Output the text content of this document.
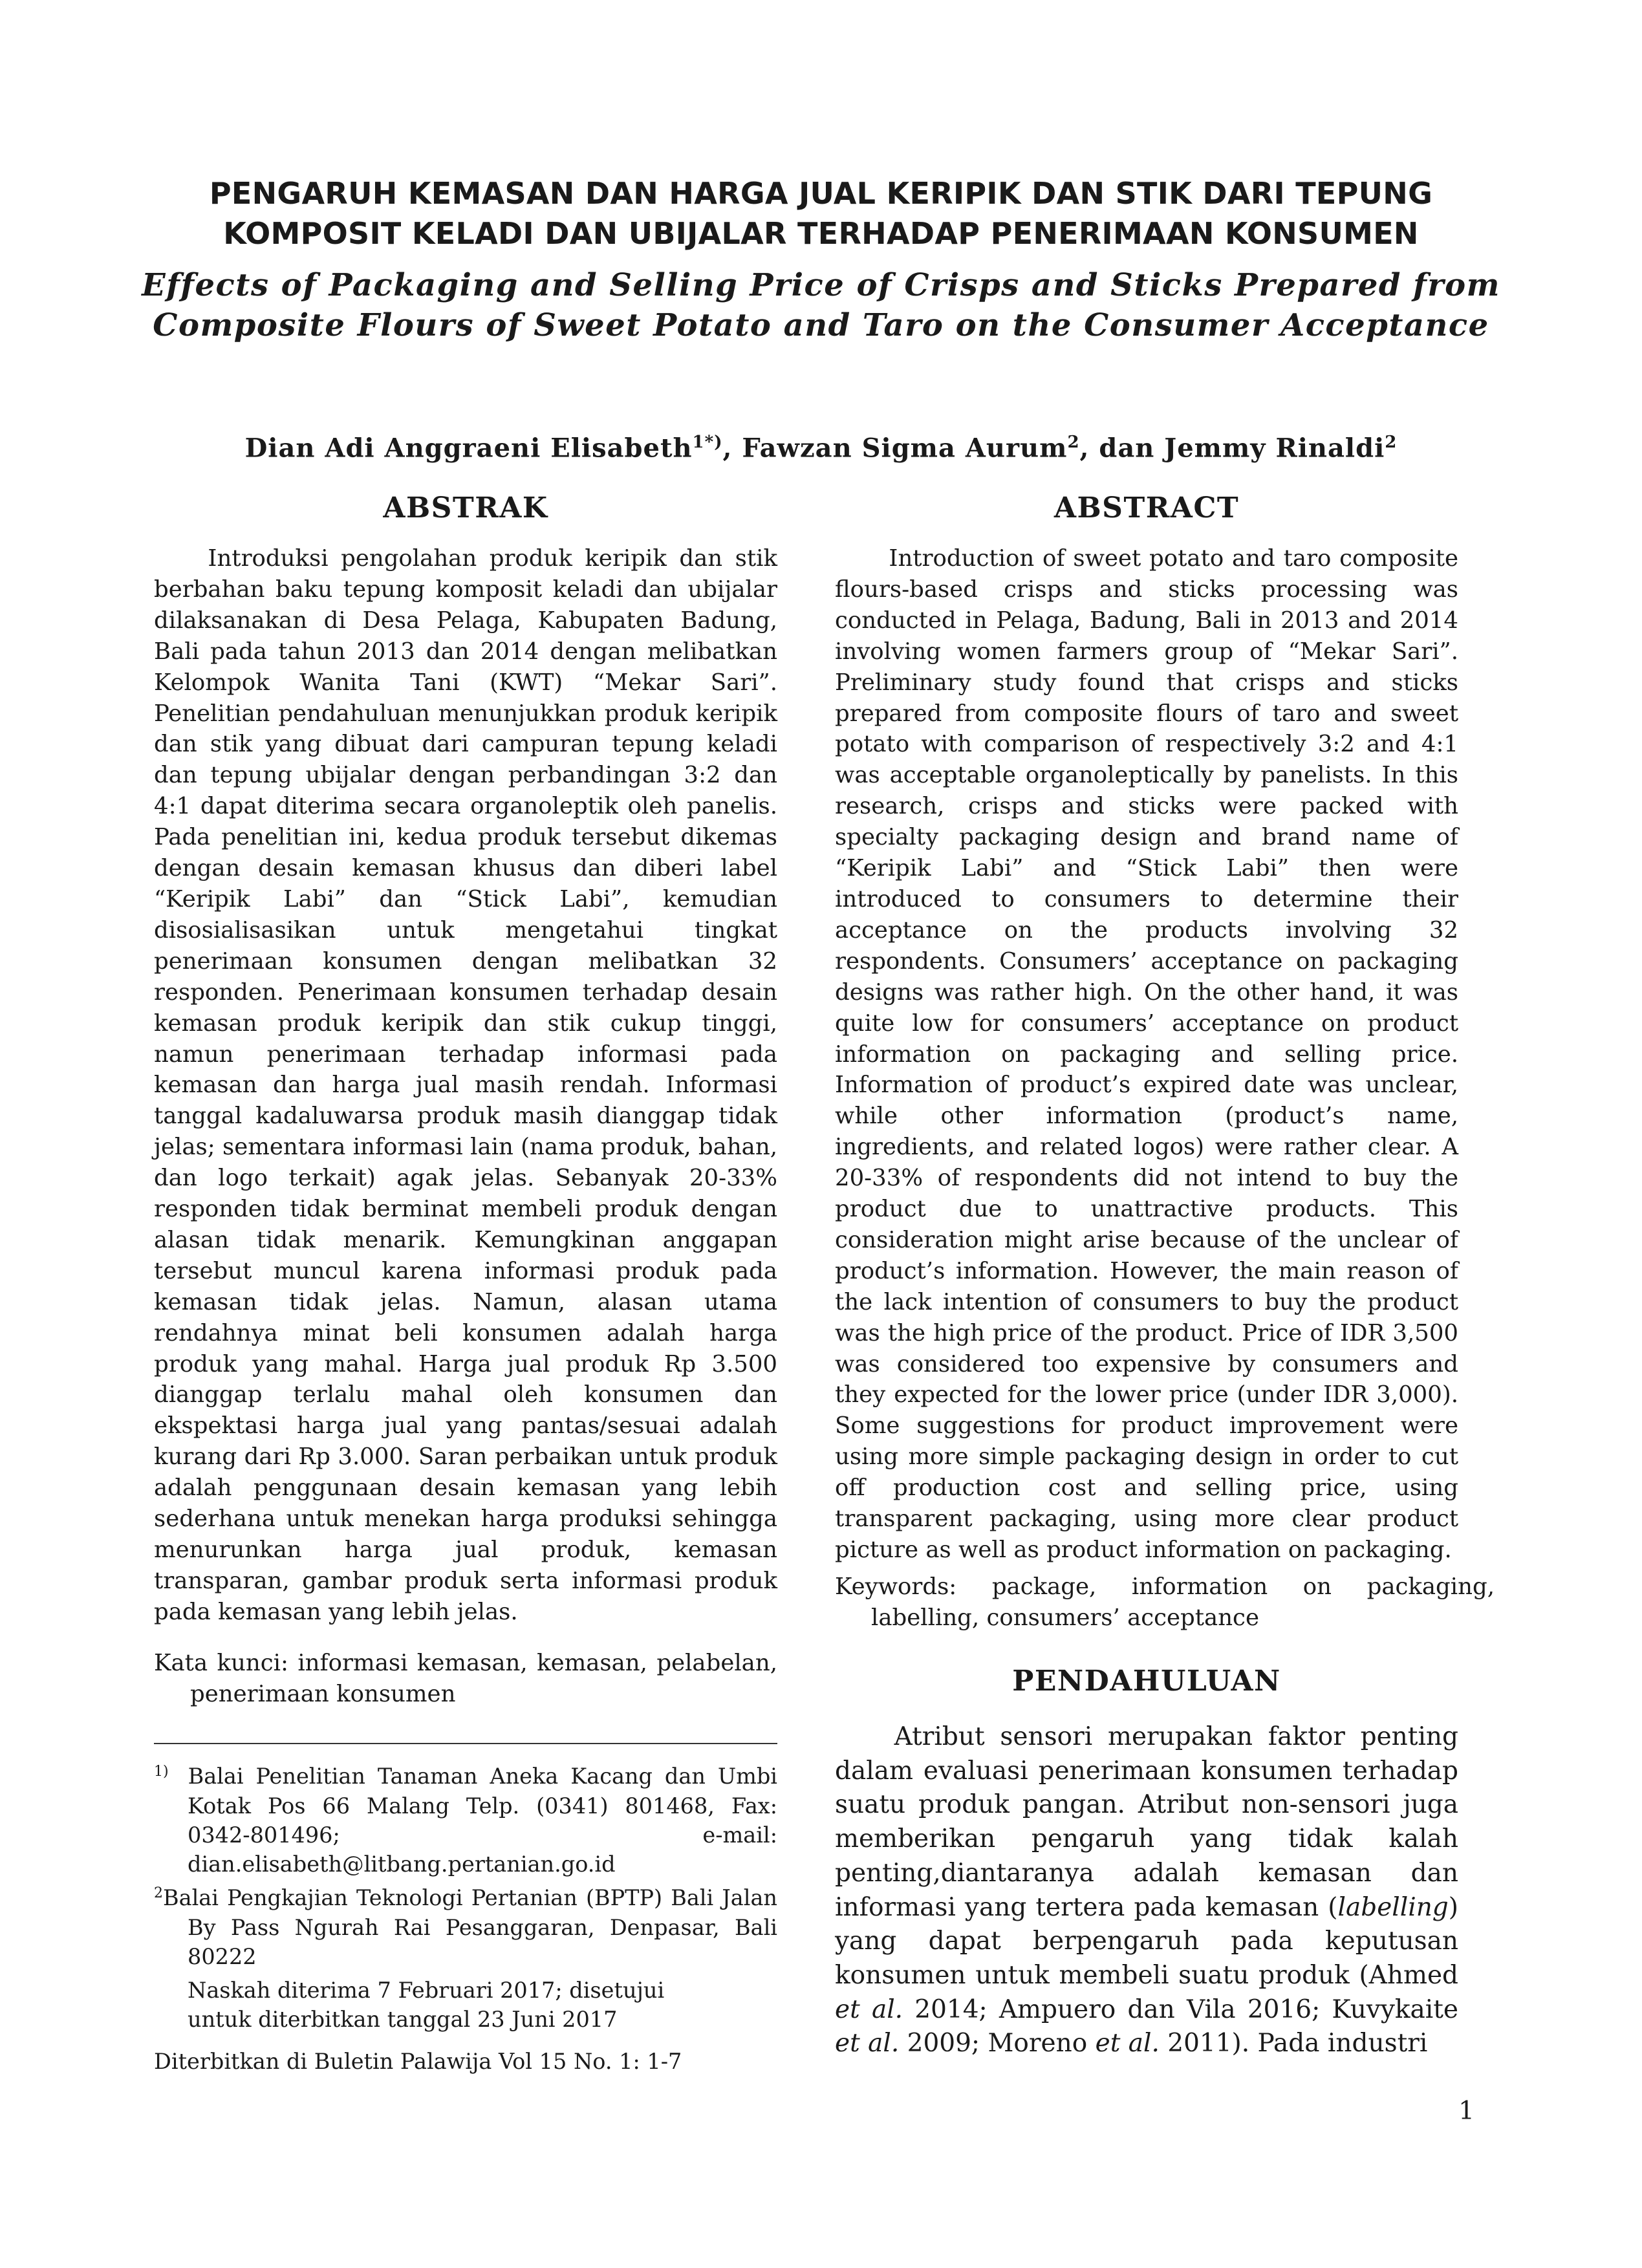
PENGARUH KEMASAN DAN HARGA JUAL KERIPIK DAN STIK DARI TEPUNG KOMPOSIT KELADI DAN UBIJALAR TERHADAP PENERIMAAN KONSUMEN
Effects of Packaging and Selling Price of Crisps and Sticks Prepared from Composite Flours of Sweet Potato and Taro on the Consumer Acceptance
Dian Adi Anggraeni Elisabeth$^{1*)}$, Fawzan Sigma Aurum$^2$, dan Jemmy Rinaldi$^2$
ABSTRAK

Introduksi pengolahan produk keripik dan stik berbahan baku tepung komposit keladi dan ubijalar dilaksanakan di Desa Pelaga, Kabupaten Badung, Bali pada tahun 2013 dan 2014 dengan melibatkan Kelompok Wanita Tani (KWT) “Mekar Sari”. Penelitian pendahuluan menunjukkan produk keripik dan stik yang dibuat dari campuran tepung keladi dan tepung ubijalar dengan perbandingan 3:2 dan 4:1 dapat diterima secara organoleptik oleh panelis. Pada penelitian ini, kedua produk tersebut dikemas dengan desain kemasan khusus dan diberi label “Keripik Labi” dan “Stick Labi”, kemudian disosialisasikan untuk mengetahui tingkat penerimaan konsumen dengan melibatkan 32 responden. Penerimaan konsumen terhadap desain kemasan produk keripik dan stik cukup tinggi, namun penerimaan terhadap informasi pada kemasan dan harga jual masih rendah. Informasi tanggal kadaluwarsa produk masih dianggap tidak jelas; sementara informasi lain (nama produk, bahan, dan logo terkait) agak jelas. Sebanyak 20-33% responden tidak berminat membeli produk dengan alasan tidak menarik. Kemungkinan anggapan tersebut muncul karena informasi produk pada kemasan tidak jelas. Namun, alasan utama rendahnya minat beli konsumen adalah harga produk yang mahal. Harga jual produk Rp 3.500 dianggap terlalu mahal oleh konsumen dan ekspektasi harga jual yang pantas/sesuai adalah kurang dari Rp 3.000. Saran perbaikan untuk produk adalah penggunaan desain kemasan yang lebih sederhana untuk menekan harga produksi sehingga menurunkan harga jual produk, kemasan transparan, gambar produk serta informasi produk pada kemasan yang lebih jelas.

Kata kunci: informasi kemasan, kemasan, pelabelan, penerimaan konsumen

$^{1)}$ Balai Penelitian Tanaman Aneka Kacang dan Umbi Kotak Pos 66 Malang Telp. (0341) 801468, Fax: 0342-801496; e-mail: dian.elisabeth@litbang.pertanian.go.id

$^2$Balai Pengkajian Teknologi Pertanian (BPTP) Bali Jalan By Pass Ngurah Rai Pesanggaran, Denpasar, Bali 80222

Naskah diterima 7 Februari 2017; disetujui untuk diterbitkan tanggal 23 Juni 2017

Diterbitkan di Buletin Palawija Vol 15 No. 1: 1-7

ABSTRACT

Introduction of sweet potato and taro composite flours-based crisps and sticks processing was conducted in Pelaga, Badung, Bali in 2013 and 2014 involving women farmers group of “Mekar Sari”. Preliminary study found that crisps and sticks prepared from composite flours of taro and sweet potato with comparison of respectively 3:2 and 4:1 was acceptable organoleptically by panelists. In this research, crisps and sticks were packed with specialty packaging design and brand name of “Keripik Labi” and “Stick Labi” then were introduced to consumers to determine their acceptance on the products involving 32 respondents. Consumers’ acceptance on packaging designs was rather high. On the other hand, it was quite low for consumers’ acceptance on product information on packaging and selling price. Information of product’s expired date was unclear, while other information (product’s name, ingredients, and related logos) were rather clear. A 20-33% of respondents did not intend to buy the product due to unattractive products. This consideration might arise because of the unclear of product’s information. However, the main reason of the lack intention of consumers to buy the product was the high price of the product. Price of IDR 3,500 was considered too expensive by consumers and they expected for the lower price (under IDR 3,000). Some suggestions for product improvement were using more simple packaging design in order to cut off production cost and selling price, using transparent packaging, using more clear product picture as well as product information on packaging.

Keywords: package, information on packaging, labelling, consumers’ acceptance

PENDAHULUAN

Atribut sensori merupakan faktor penting dalam evaluasi penerimaan konsumen terhadap suatu produk pangan. Atribut non-sensori juga memberikan pengaruh yang tidak kalah penting,diantaranya adalah kemasan dan informasi yang tertera pada kemasan (labelling) yang dapat berpengaruh pada keputusan konsumen untuk membeli suatu produk (Ahmed et al. 2014; Ampuero dan Vila 2016; Kuvykaite et al. 2009; Moreno et al. 2011). Pada industri

1
